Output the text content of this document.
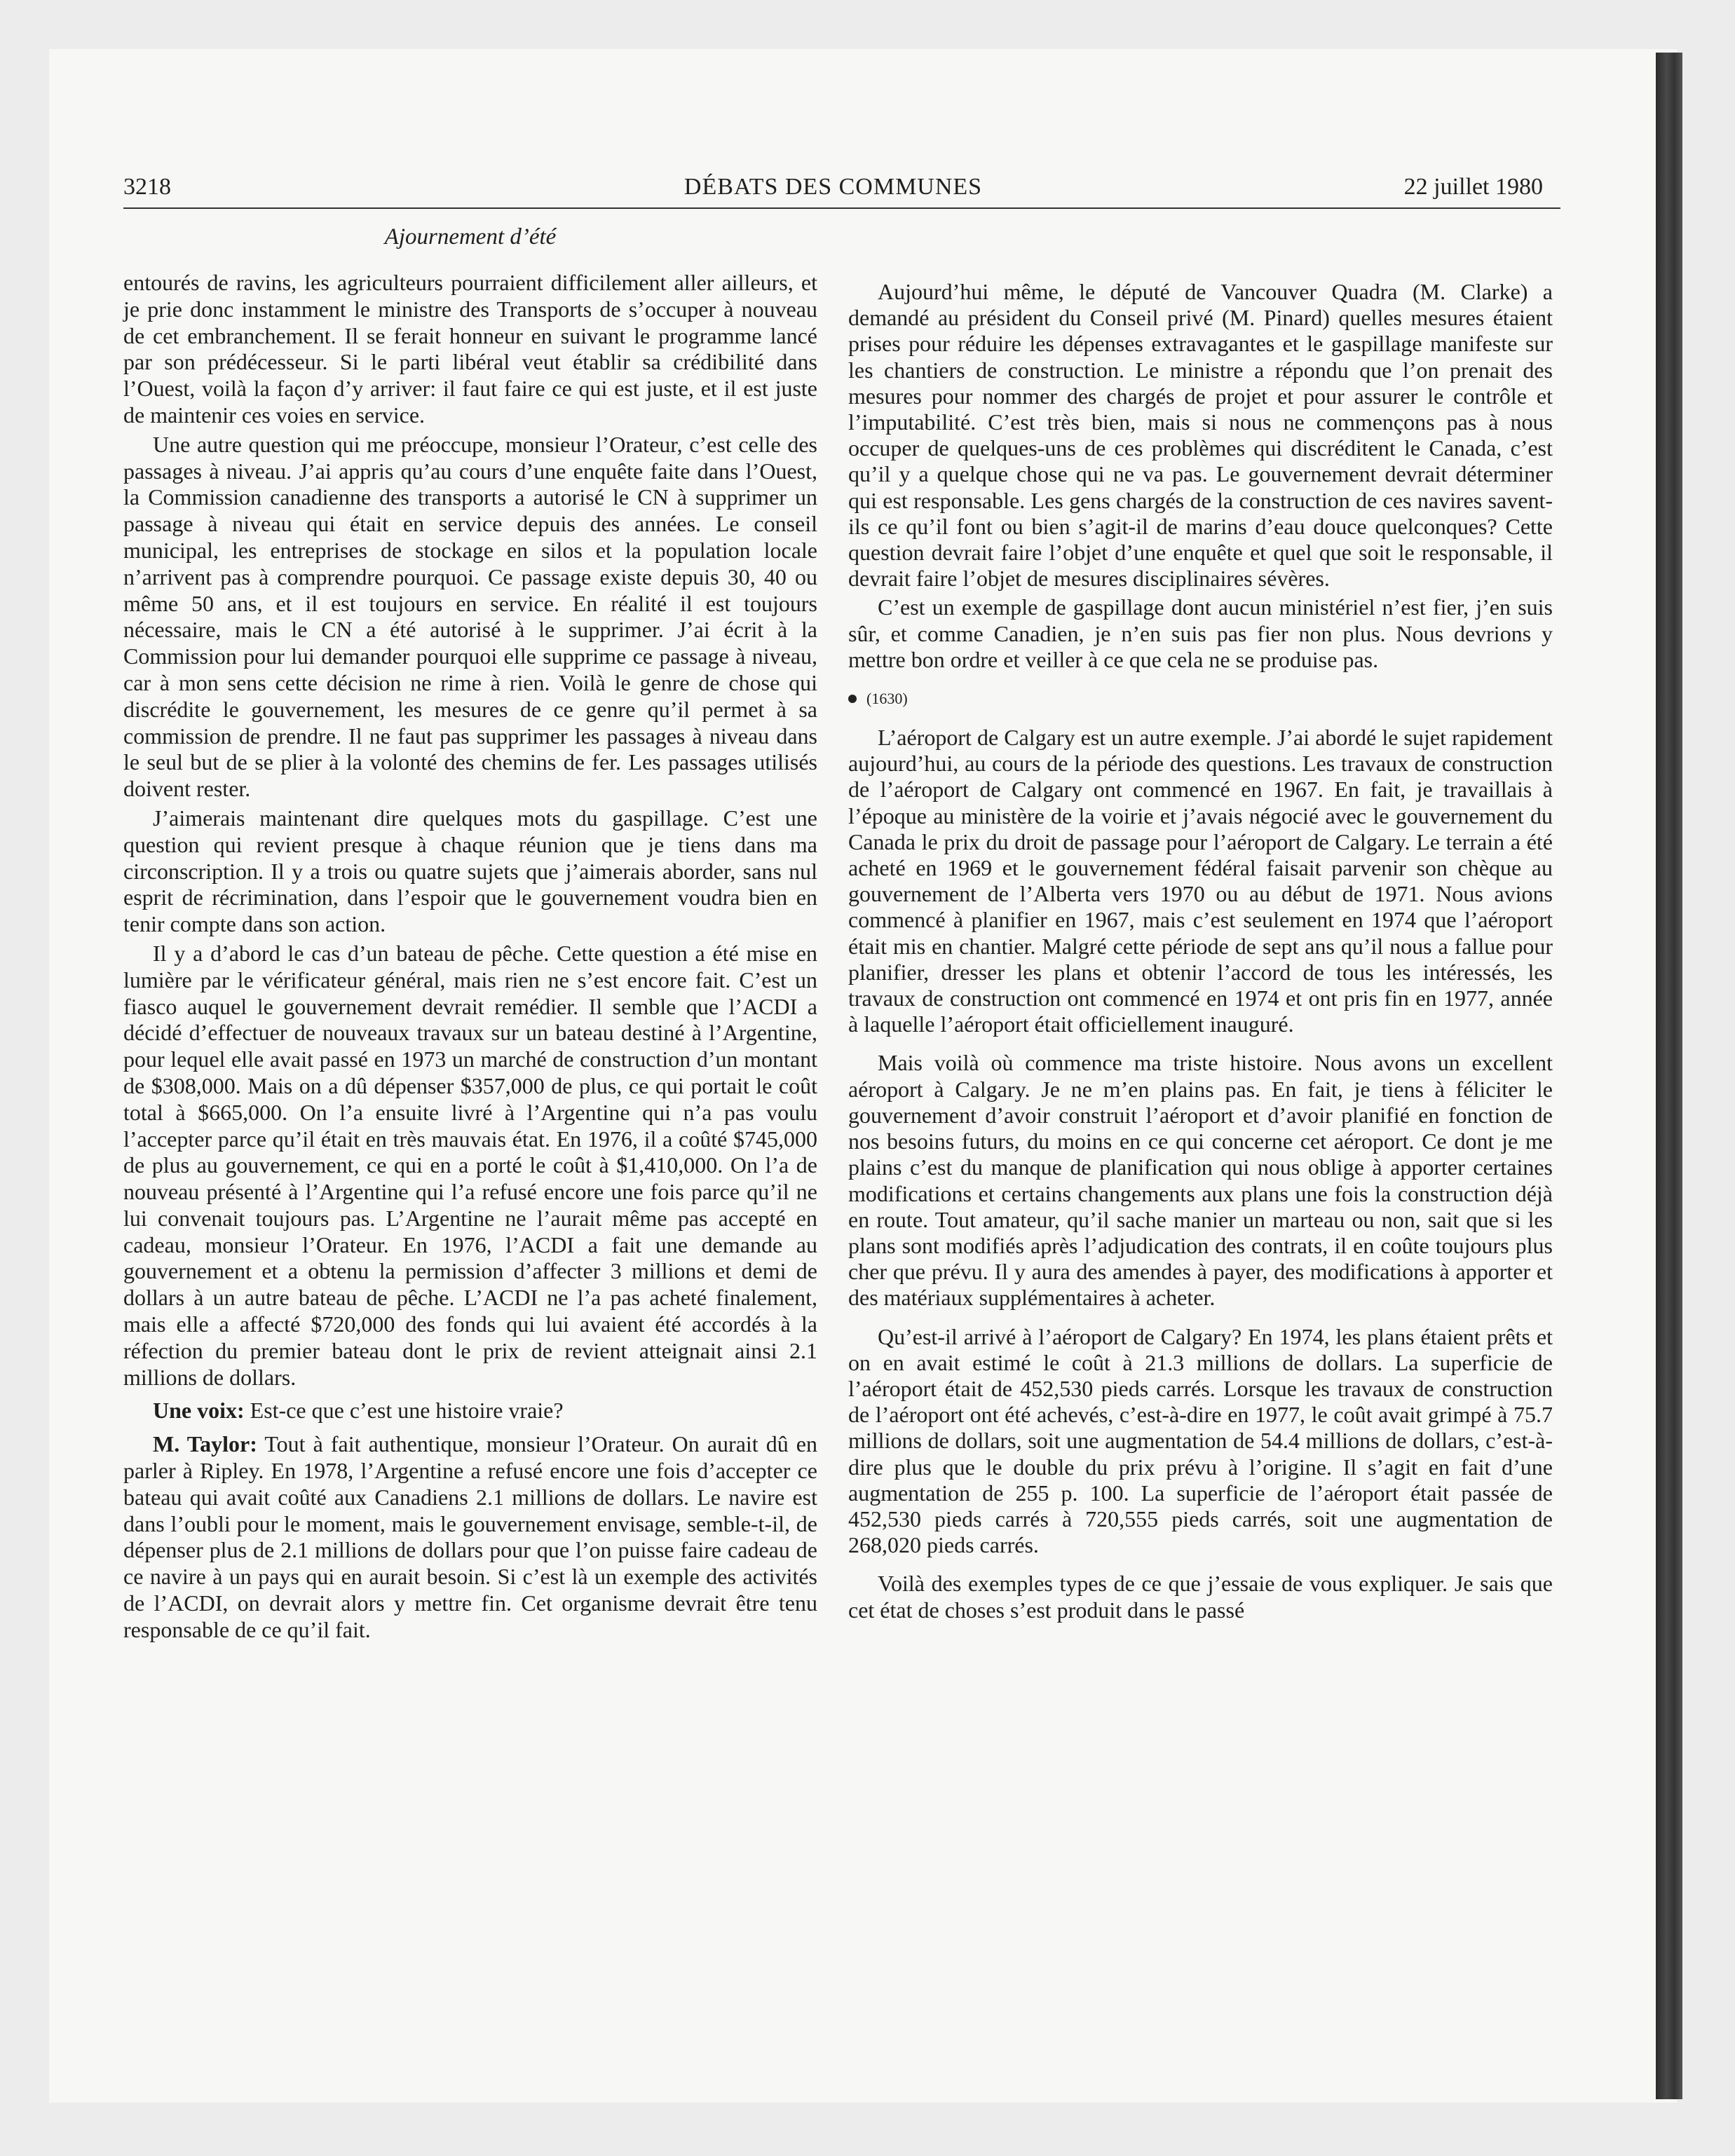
3218	DÉBATS DES COMMUNES	22 juillet 1980
Ajournement d’été

entourés de ravins, les agriculteurs pourraient difficilement aller ailleurs, et je prie donc instamment le ministre des Transports de s’occuper à nouveau de cet embranchement. Il se ferait honneur en suivant le programme lancé par son prédécesseur. Si le parti libéral veut établir sa crédibilité dans l’Ouest, voilà la façon d’y arriver: il faut faire ce qui est juste, et il est juste de maintenir ces voies en service.

Une autre question qui me préoccupe, monsieur l’Orateur, c’est celle des passages à niveau. J’ai appris qu’au cours d’une enquête faite dans l’Ouest, la Commission canadienne des transports a autorisé le CN à supprimer un passage à niveau qui était en service depuis des années. Le conseil municipal, les entreprises de stockage en silos et la population locale n’arrivent pas à comprendre pourquoi. Ce passage existe depuis 30, 40 ou même 50 ans, et il est toujours en service. En réalité il est toujours nécessaire, mais le CN a été autorisé à le supprimer. J’ai écrit à la Commission pour lui demander pourquoi elle supprime ce passage à niveau, car à mon sens cette décision ne rime à rien. Voilà le genre de chose qui discrédite le gouvernement, les mesures de ce genre qu’il permet à sa commission de prendre. Il ne faut pas supprimer les passages à niveau dans le seul but de se plier à la volonté des chemins de fer. Les passages utilisés doivent rester.

J’aimerais maintenant dire quelques mots du gaspillage. C’est une question qui revient presque à chaque réunion que je tiens dans ma circonscription. Il y a trois ou quatre sujets que j’aimerais aborder, sans nul esprit de récrimination, dans l’espoir que le gouvernement voudra bien en tenir compte dans son action.

Il y a d’abord le cas d’un bateau de pêche. Cette question a été mise en lumière par le vérificateur général, mais rien ne s’est encore fait. C’est un fiasco auquel le gouvernement devrait remédier. Il semble que l’ACDI a décidé d’effectuer de nouveaux travaux sur un bateau destiné à l’Argentine, pour lequel elle avait passé en 1973 un marché de construction d’un montant de $308,000. Mais on a dû dépenser $357,000 de plus, ce qui portait le coût total à $665,000. On l’a ensuite livré à l’Argentine qui n’a pas voulu l’accepter parce qu’il était en très mauvais état. En 1976, il a coûté $745,000 de plus au gouvernement, ce qui en a porté le coût à $1,410,000. On l’a de nouveau présenté à l’Argentine qui l’a refusé encore une fois parce qu’il ne lui convenait toujours pas. L’Argentine ne l’aurait même pas accepté en cadeau, monsieur l’Orateur. En 1976, l’ACDI a fait une demande au gouvernement et a obtenu la permission d’affecter 3 millions et demi de dollars à un autre bateau de pêche. L’ACDI ne l’a pas acheté finalement, mais elle a affecté $720,000 des fonds qui lui avaient été accordés à la réfection du premier bateau dont le prix de revient atteignait ainsi 2.1 millions de dollars.

Une voix: Est-ce que c’est une histoire vraie?

M. Taylor: Tout à fait authentique, monsieur l’Orateur. On aurait dû en parler à Ripley. En 1978, l’Argentine a refusé encore une fois d’accepter ce bateau qui avait coûté aux Canadiens 2.1 millions de dollars. Le navire est dans l’oubli pour le moment, mais le gouvernement envisage, semble-t-il, de dépenser plus de 2.1 millions de dollars pour que l’on puisse faire cadeau de ce navire à un pays qui en aurait besoin. Si c’est là un exemple des activités de l’ACDI, on devrait alors y mettre fin. Cet organisme devrait être tenu responsable de ce qu’il fait.

Aujourd’hui même, le député de Vancouver Quadra (M. Clarke) a demandé au président du Conseil privé (M. Pinard) quelles mesures étaient prises pour réduire les dépenses extravagantes et le gaspillage manifeste sur les chantiers de construction. Le ministre a répondu que l’on prenait des mesures pour nommer des chargés de projet et pour assurer le contrôle et l’imputabilité. C’est très bien, mais si nous ne commençons pas à nous occuper de quelques-uns de ces problèmes qui discréditent le Canada, c’est qu’il y a quelque chose qui ne va pas. Le gouvernement devrait déterminer qui est responsable. Les gens chargés de la construction de ces navires savent-ils ce qu’il font ou bien s’agit-il de marins d’eau douce quelconques? Cette question devrait faire l’objet d’une enquête et quel que soit le responsable, il devrait faire l’objet de mesures disciplinaires sévères.

C’est un exemple de gaspillage dont aucun ministériel n’est fier, j’en suis sûr, et comme Canadien, je n’en suis pas fier non plus. Nous devrions y mettre bon ordre et veiller à ce que cela ne se produise pas.

(1630)

L’aéroport de Calgary est un autre exemple. J’ai abordé le sujet rapidement aujourd’hui, au cours de la période des questions. Les travaux de construction de l’aéroport de Calgary ont commencé en 1967. En fait, je travaillais à l’époque au ministère de la voirie et j’avais négocié avec le gouvernement du Canada le prix du droit de passage pour l’aéroport de Calgary. Le terrain a été acheté en 1969 et le gouvernement fédéral faisait parvenir son chèque au gouvernement de l’Alberta vers 1970 ou au début de 1971. Nous avions commencé à planifier en 1967, mais c’est seulement en 1974 que l’aéroport était mis en chantier. Malgré cette période de sept ans qu’il nous a fallue pour planifier, dresser les plans et obtenir l’accord de tous les intéressés, les travaux de construction ont commencé en 1974 et ont pris fin en 1977, année à laquelle l’aéroport était officiellement inauguré.

Mais voilà où commence ma triste histoire. Nous avons un excellent aéroport à Calgary. Je ne m’en plains pas. En fait, je tiens à féliciter le gouvernement d’avoir construit l’aéroport et d’avoir planifié en fonction de nos besoins futurs, du moins en ce qui concerne cet aéroport. Ce dont je me plains c’est du manque de planification qui nous oblige à apporter certaines modifications et certains changements aux plans une fois la construction déjà en route. Tout amateur, qu’il sache manier un marteau ou non, sait que si les plans sont modifiés après l’adjudication des contrats, il en coûte toujours plus cher que prévu. Il y aura des amendes à payer, des modifications à apporter et des matériaux supplémentaires à acheter.

Qu’est-il arrivé à l’aéroport de Calgary? En 1974, les plans étaient prêts et on en avait estimé le coût à 21.3 millions de dollars. La superficie de l’aéroport était de 452,530 pieds carrés. Lorsque les travaux de construction de l’aéroport ont été achevés, c’est-à-dire en 1977, le coût avait grimpé à 75.7 millions de dollars, soit une augmentation de 54.4 millions de dollars, c’est-à-dire plus que le double du prix prévu à l’origine. Il s’agit en fait d’une augmentation de 255 p. 100. La superficie de l’aéroport était passée de 452,530 pieds carrés à 720,555 pieds carrés, soit une augmentation de 268,020 pieds carrés.

Voilà des exemples types de ce que j’essaie de vous expliquer. Je sais que cet état de choses s’est produit dans le passé
